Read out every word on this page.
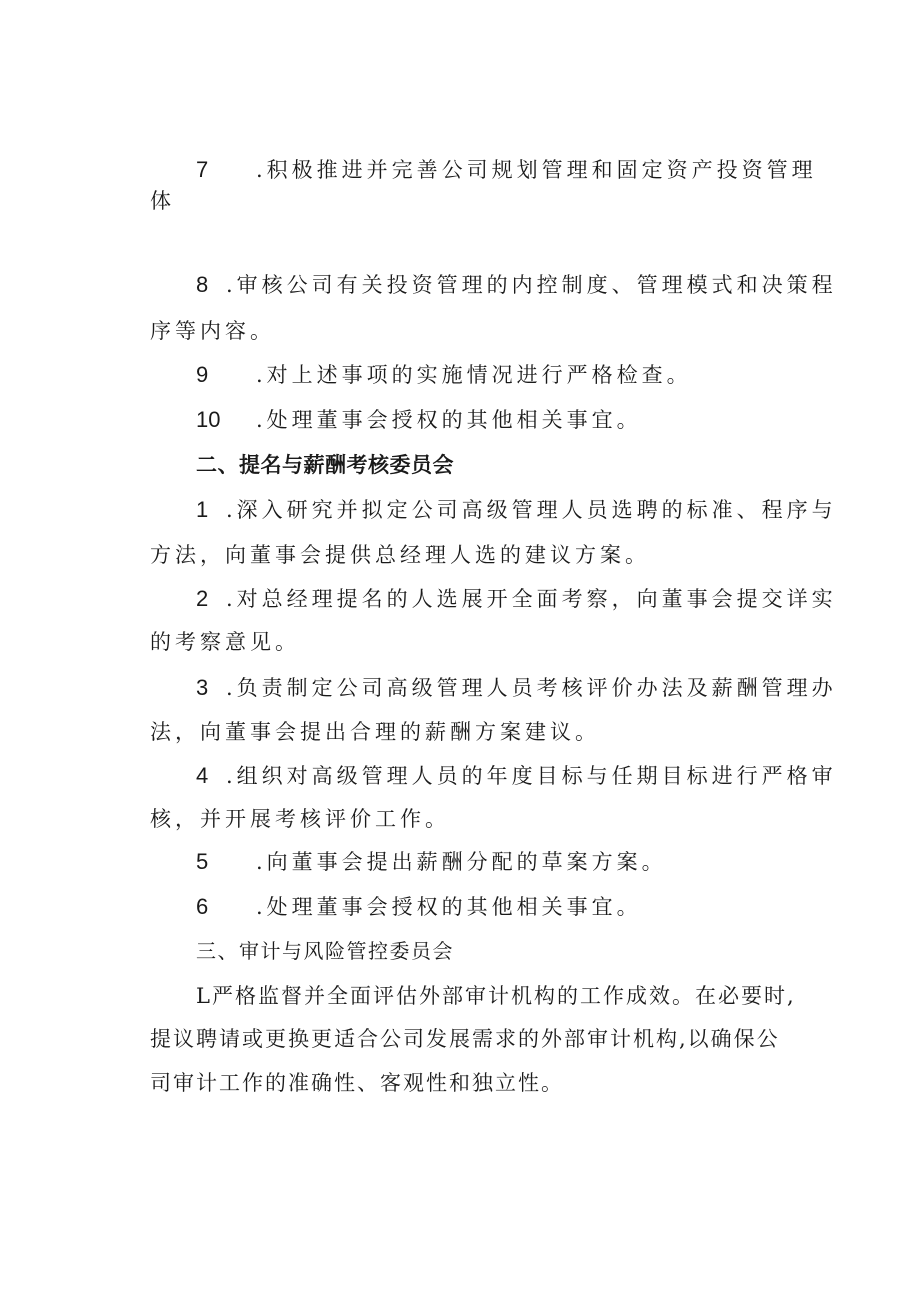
7 .积极推进并完善公司规划管理和固定资产投资管理
体
8 .审核公司有关投资管理的内控制度、管理模式和决策程
序等内容。
9 .对上述事项的实施情况进行严格检查。
10 .处理董事会授权的其他相关事宜。
二、提名与薪酬考核委员会
1 .深入研究并拟定公司高级管理人员选聘的标准、程序与
方法，向董事会提供总经理人选的建议方案。
2 .对总经理提名的人选展开全面考察，向董事会提交详实
的考察意见。
3 .负责制定公司高级管理人员考核评价办法及薪酬管理办
法，向董事会提出合理的薪酬方案建议。
4 .组织对高级管理人员的年度目标与任期目标进行严格审
核，并开展考核评价工作。
5 .向董事会提出薪酬分配的草案方案。
6 .处理董事会授权的其他相关事宜。
三、审计与风险管控委员会
L严格监督并全面评估外部审计机构的工作成效。在必要时,
提议聘请或更换更适合公司发展需求的外部审计机构,以确保公
司审计工作的准确性、客观性和独立性。
